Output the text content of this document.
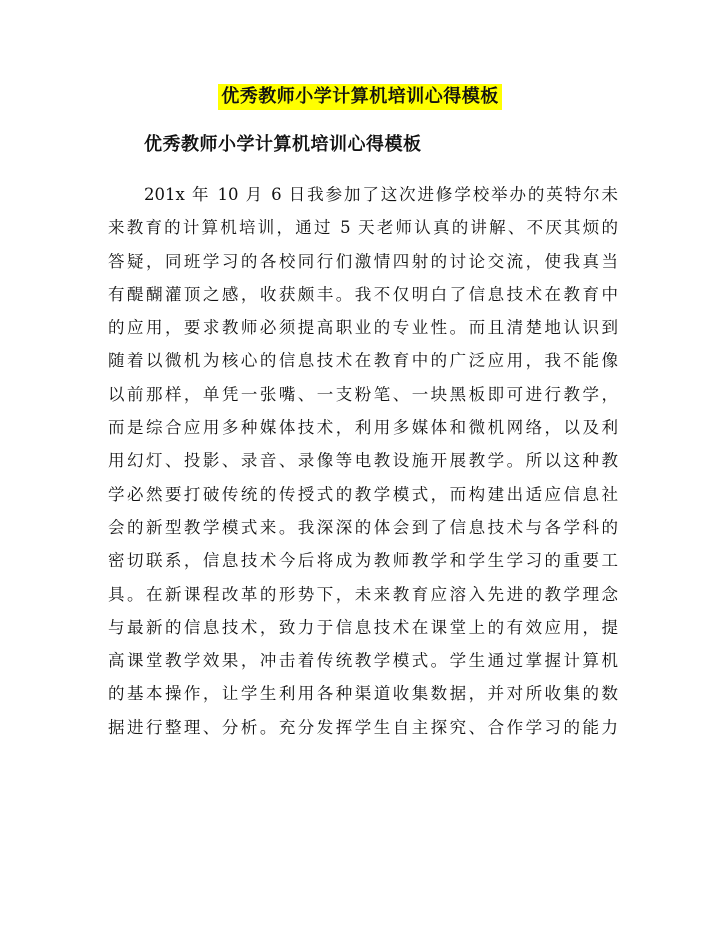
优秀教师小学计算机培训心得模板
优秀教师小学计算机培训心得模板
201x 年 10 月 6 日我参加了这次进修学校举办的英特尔未
来教育的计算机培训，通过 5 天老师认真的讲解、不厌其烦的
答疑，同班学习的各校同行们激情四射的讨论交流，使我真当
有醍醐灌顶之感，收获颇丰。我不仅明白了信息技术在教育中
的应用，要求教师必须提高职业的专业性。而且清楚地认识到
随着以微机为核心的信息技术在教育中的广泛应用，我不能像
以前那样，单凭一张嘴、一支粉笔、一块黑板即可进行教学，
而是综合应用多种媒体技术，利用多媒体和微机网络，以及利
用幻灯、投影、录音、录像等电教设施开展教学。所以这种教
学必然要打破传统的传授式的教学模式，而构建出适应信息社
会的新型教学模式来。我深深的体会到了信息技术与各学科的
密切联系，信息技术今后将成为教师教学和学生学习的重要工
具。在新课程改革的形势下，未来教育应溶入先进的教学理念
与最新的信息技术，致力于信息技术在课堂上的有效应用，提
高课堂教学效果，冲击着传统教学模式。学生通过掌握计算机
的基本操作，让学生利用各种渠道收集数据，并对所收集的数
据进行整理、分析。充分发挥学生自主探究、合作学习的能力
